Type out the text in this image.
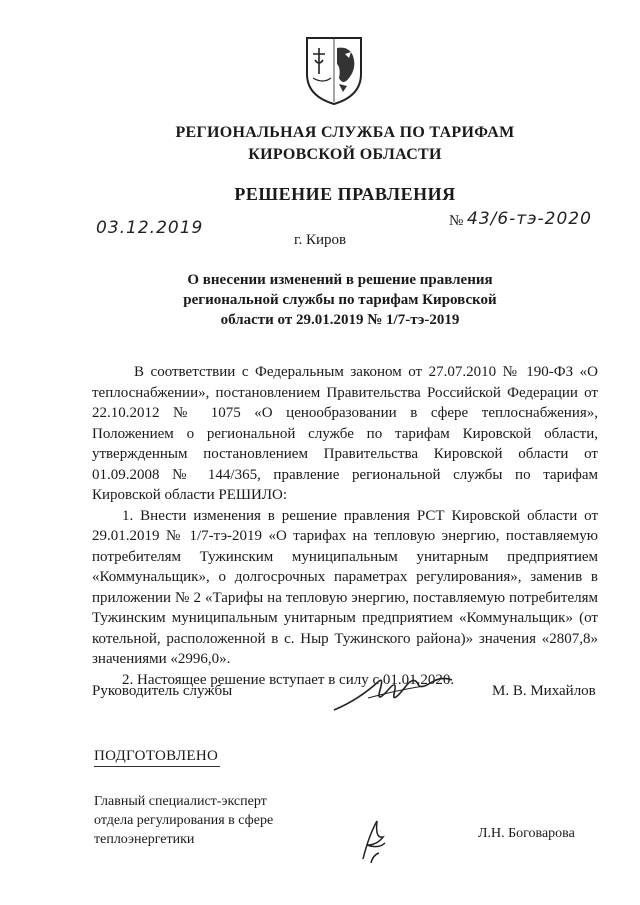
РЕГИОНАЛЬНАЯ СЛУЖБА ПО ТАРИФАМ
КИРОВСКОЙ ОБЛАСТИ
РЕШЕНИЕ ПРАВЛЕНИЯ
03.12.2019	№ 43/6-тэ-2020
г. Киров
О внесении изменений в решение правления
региональной службы по тарифам Кировской
области от 29.01.2019 № 1/7-тэ-2019

В соответствии с Федеральным законом от 27.07.2010 № 190-ФЗ «О теплоснабжении», постановлением Правительства Российской Федерации от 22.10.2012 № 1075 «О ценообразовании в сфере теплоснабжения», Положением о региональной службе по тарифам Кировской области, утвержденным постановлением Правительства Кировской области от 01.09.2008 № 144/365, правление региональной службы по тарифам Кировской области РЕШИЛО:

1. Внести изменения в решение правления РСТ Кировской области от 29.01.2019 № 1/7-тэ-2019 «О тарифах на тепловую энергию, поставляемую потребителям Тужинским муниципальным унитарным предприятием «Коммунальщик», о долгосрочных параметрах регулирования», заменив в приложении № 2 «Тарифы на тепловую энергию, поставляемую потребителям Тужинским муниципальным унитарным предприятием «Коммунальщик» (от котельной, расположенной в с. Ныр Тужинского района)» значения «2807,8» значениями «2996,0».

2. Настоящее решение вступает в силу с 01.01.2020.

Руководитель службы	М. В. Михайлов
ПОДГОТОВЛЕНО
Главный специалист-эксперт
отдела регулирования в сфере
теплоэнергетики	Л.Н. Боговарова
